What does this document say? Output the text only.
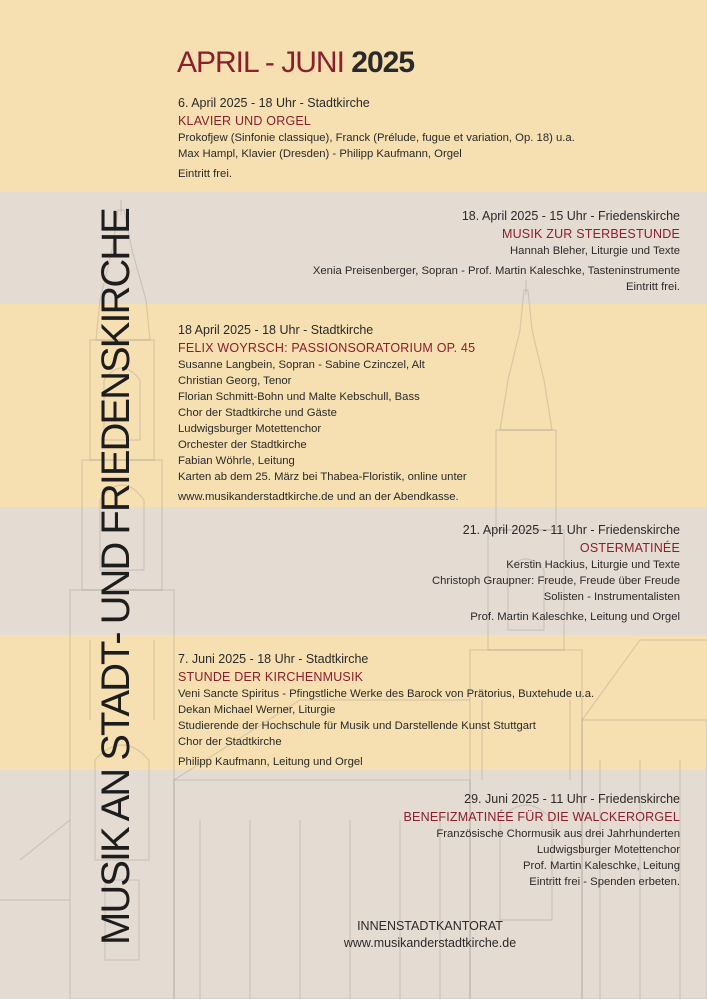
MUSIK AN STADT- UND FRIEDENSKIRCHE
APRIL - JUNI 2025
6. April 2025 - 18 Uhr - Stadtkirche
KLAVIER UND ORGEL
Prokofjew (Sinfonie classique), Franck (Prélude, fugue et variation, Op. 18) u.a.
Max Hampl, Klavier (Dresden) - Philipp Kaufmann, Orgel
Eintritt frei.
18. April 2025 - 15 Uhr - Friedenskirche
MUSIK ZUR STERBESTUNDE
Hannah Bleher, Liturgie und Texte
Xenia Preisenberger, Sopran - Prof. Martin Kaleschke, Tasteninstrumente
Eintritt frei.
18 April 2025 - 18 Uhr - Stadtkirche
FELIX WOYRSCH: PASSIONSORATORIUM OP. 45
Susanne Langbein, Sopran - Sabine Czinczel, Alt
Christian Georg, Tenor
Florian Schmitt-Bohn und Malte Kebschull, Bass
Chor der Stadtkirche und Gäste
Ludwigsburger Motettenchor
Orchester der Stadtkirche
Fabian Wöhrle, Leitung
Karten ab dem 25. März bei Thabea-Floristik, online unter
www.musikanderstadtkirche.de und an der Abendkasse.
21. April 2025 - 11 Uhr - Friedenskirche
OSTERMATINÉE
Kerstin Hackius, Liturgie und Texte
Christoph Graupner: Freude, Freude über Freude
Solisten - Instrumentalisten
Prof. Martin Kaleschke, Leitung und Orgel
7. Juni 2025 - 18 Uhr - Stadtkirche
STUNDE DER KIRCHENMUSIK
Veni Sancte Spiritus - Pfingstliche Werke des Barock von Prätorius, Buxtehude u.a.
Dekan Michael Werner, Liturgie
Studierende der Hochschule für Musik und Darstellende Kunst Stuttgart
Chor der Stadtkirche
Philipp Kaufmann, Leitung und Orgel
29. Juni 2025 - 11 Uhr - Friedenskirche
BENEFIZMATINÉE FÜR DIE WALCKERORGEL
Französische Chormusik aus drei Jahrhunderten
Ludwigsburger Motettenchor
Prof. Martin Kaleschke, Leitung
Eintritt frei - Spenden erbeten.
INNENSTADTKANTORAT
www.musikanderstadtkirche.de
